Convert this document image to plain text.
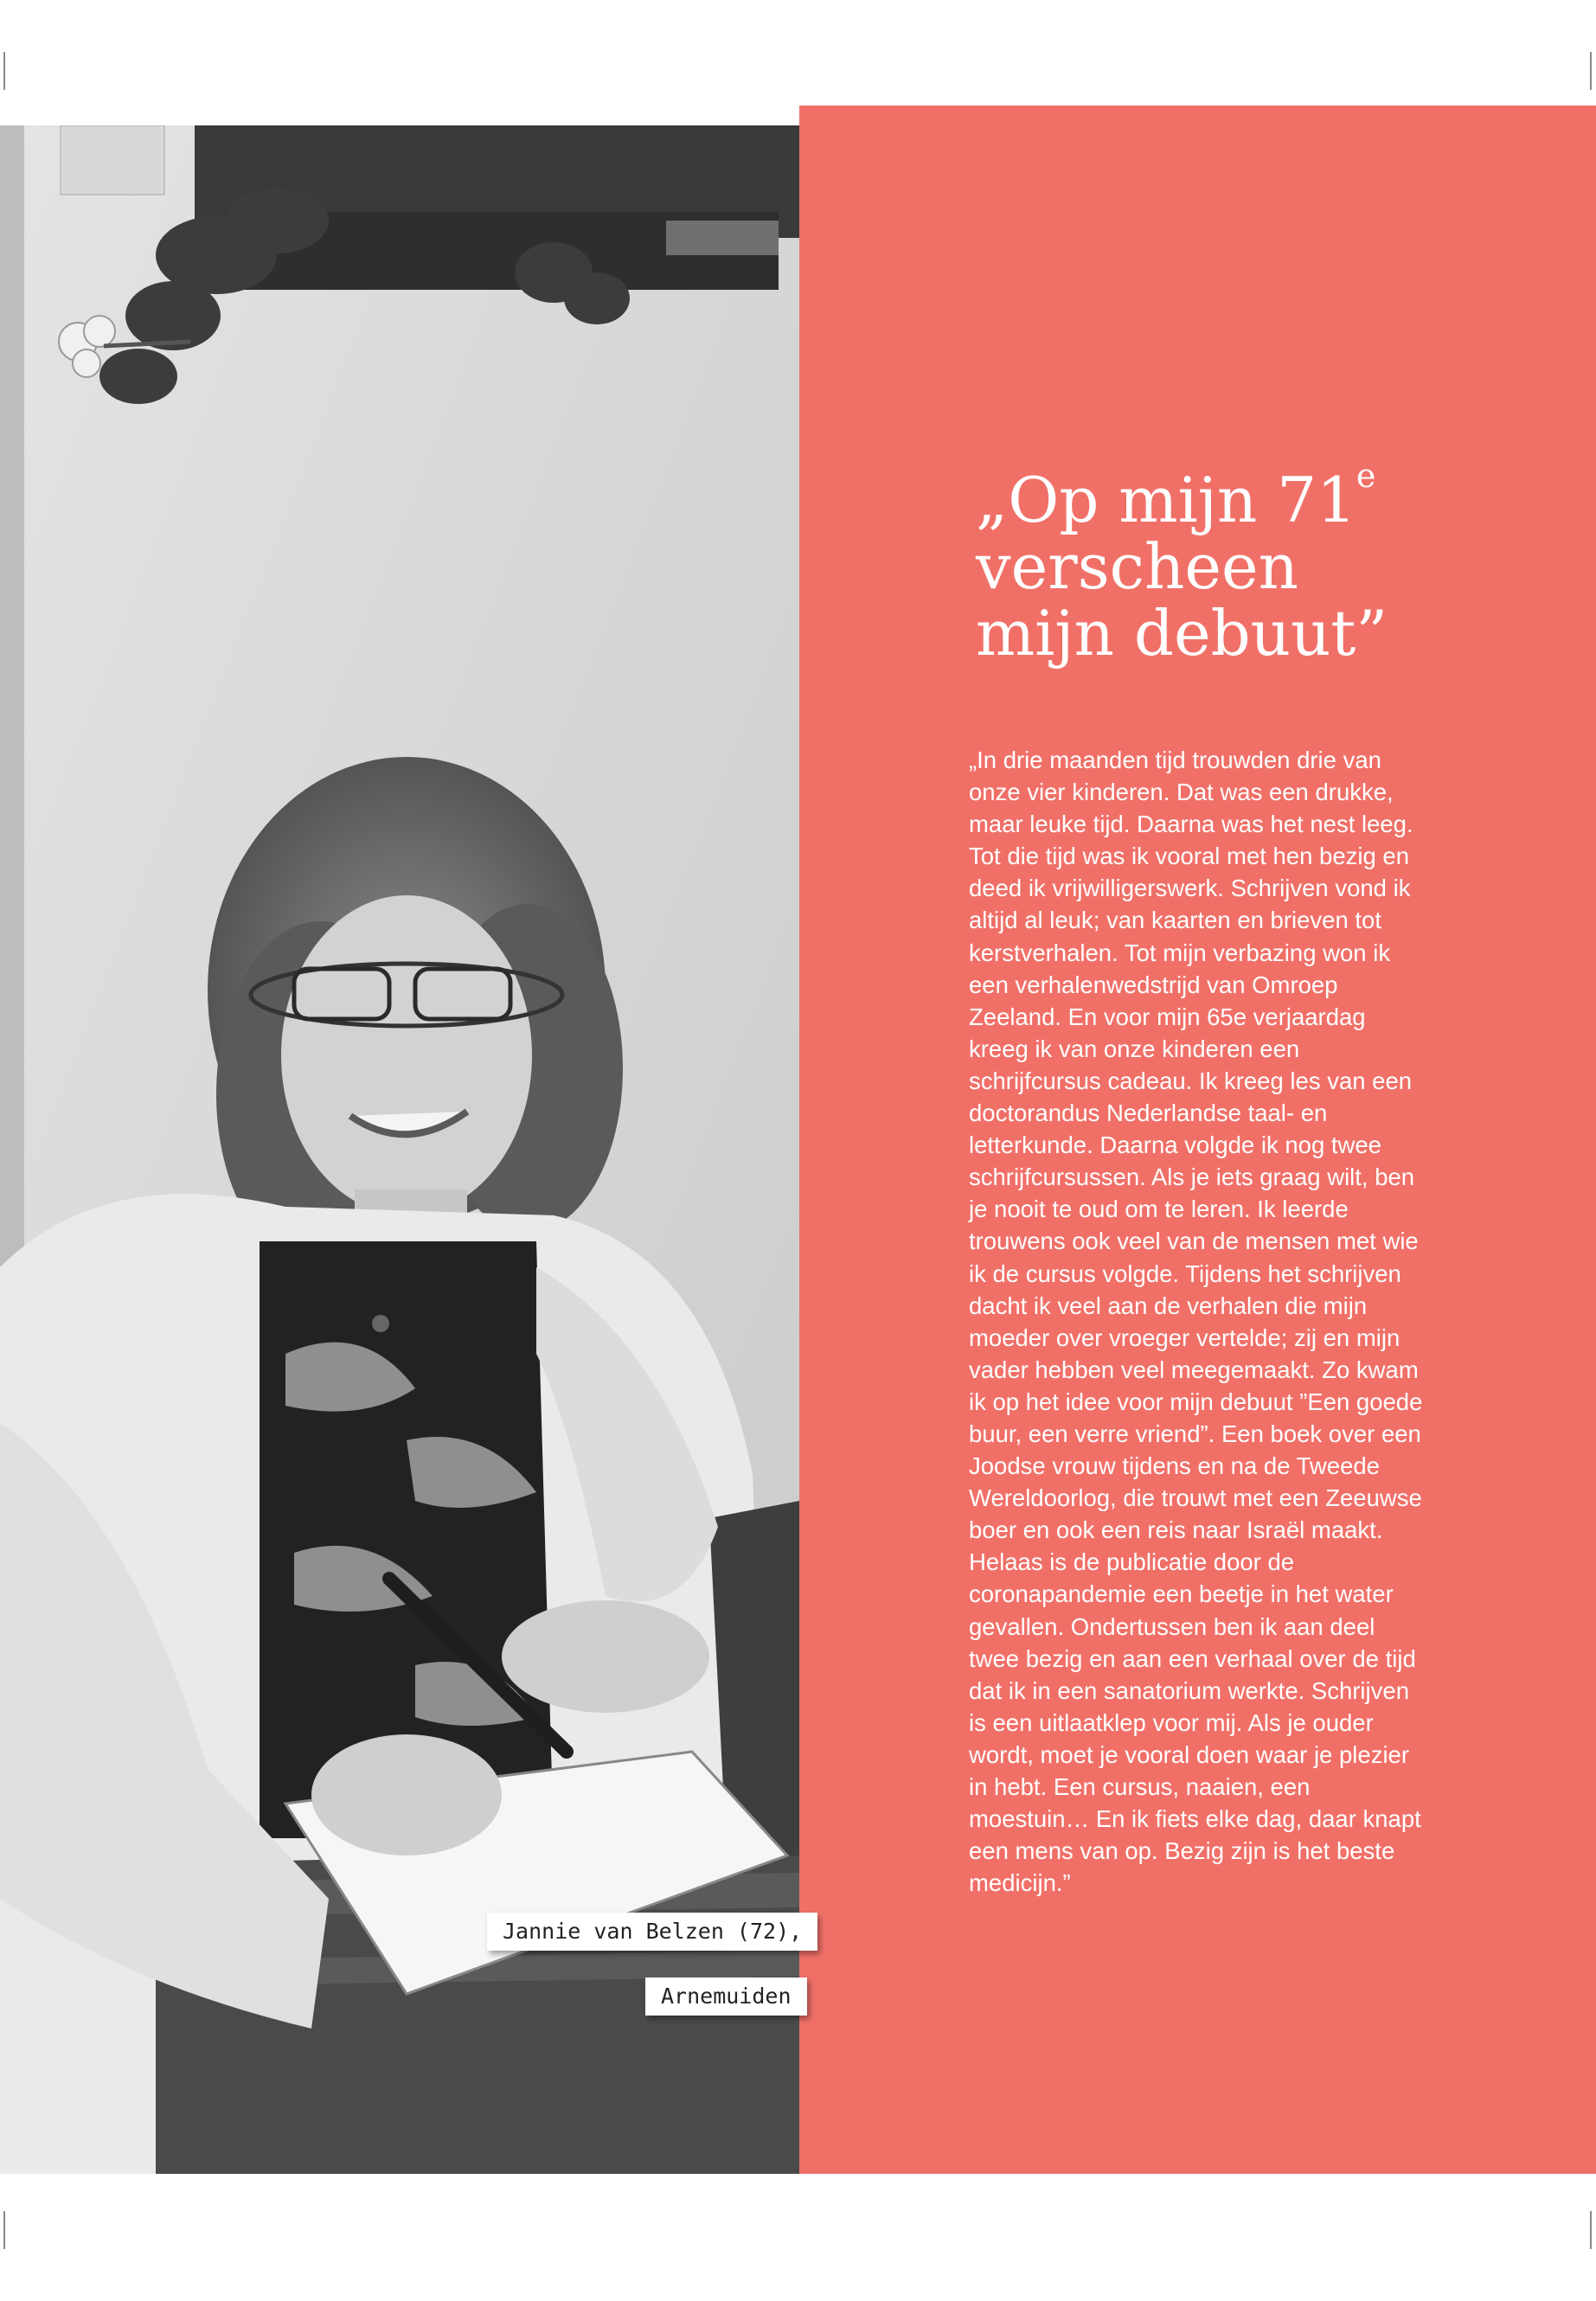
„Op mijn 71e
verscheen
mijn debuut”

„In drie maanden tijd trouwden drie van onze vier kinderen. Dat was een drukke, maar leuke tijd. Daarna was het nest leeg. Tot die tijd was ik vooral met hen bezig en deed ik vrijwilligerswerk. Schrijven vond ik altijd al leuk; van kaarten en brieven tot kerstverhalen. Tot mijn verbazing won ik een verhalenwedstrijd van Omroep Zeeland. En voor mijn 65e verjaardag kreeg ik van onze kinderen een schrijfcursus cadeau. Ik kreeg les van een doctorandus Nederlandse taal- en letterkunde. Daarna volgde ik nog twee schrijfcursussen. Als je iets graag wilt, ben je nooit te oud om te leren. Ik leerde trouwens ook veel van de mensen met wie ik de cursus volgde. Tijdens het schrijven dacht ik veel aan de verhalen die mijn moeder over vroeger vertelde; zij en mijn vader hebben veel meegemaakt. Zo kwam ik op het idee voor mijn debuut ”Een goede buur, een verre vriend”. Een boek over een Joodse vrouw tijdens en na de Tweede Wereldoorlog, die trouwt met een Zeeuwse boer en ook een reis naar Israël maakt. Helaas is de publicatie door de coronapandemie een beetje in het water gevallen. Ondertussen ben ik aan deel twee bezig en aan een verhaal over de tijd dat ik in een sanatorium werkte. Schrijven is een uitlaatklep voor mij. Als je ouder wordt, moet je vooral doen waar je plezier in hebt. Een cursus, naaien, een moestuin… En ik fiets elke dag, daar knapt een mens van op. Bezig zijn is het beste medicijn.”

Jannie van Belzen (72),
Arnemuiden
